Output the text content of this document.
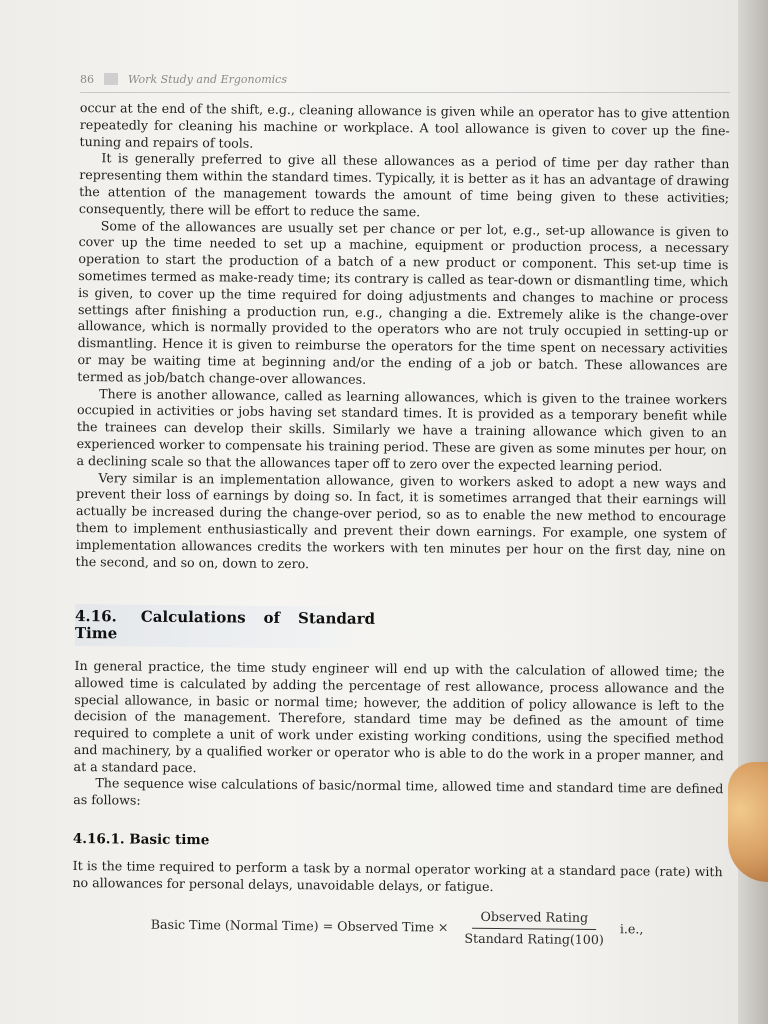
86	Work Study and Ergonomics

occur at the end of the shift, e.g., cleaning allowance is given while an operator has to give attention repeatedly for cleaning his machine or workplace. A tool allowance is given to cover up the fine-tuning and repairs of tools.

It is generally preferred to give all these allowances as a period of time per day rather than representing them within the standard times. Typically, it is better as it has an advantage of drawing the attention of the management towards the amount of time being given to these activities; consequently, there will be effort to reduce the same.

Some of the allowances are usually set per chance or per lot, e.g., set-up allowance is given to cover up the time needed to set up a machine, equipment or production process, a necessary operation to start the production of a batch of a new product or component. This set-up time is sometimes termed as make-ready time; its contrary is called as tear-down or dismantling time, which is given, to cover up the time required for doing adjustments and changes to machine or process settings after finishing a production run, e.g., changing a die. Extremely alike is the change-over allowance, which is normally provided to the operators who are not truly occupied in setting-up or dismantling. Hence it is given to reimburse the operators for the time spent on necessary activities or may be waiting time at beginning and/or the ending of a job or batch. These allowances are termed as job/batch change-over allowances.

There is another allowance, called as learning allowances, which is given to the trainee workers occupied in activities or jobs having set standard times. It is provided as a temporary benefit while the trainees can develop their skills. Similarly we have a training allowance which given to an experienced worker to compensate his training period. These are given as some minutes per hour, on a declining scale so that the allowances taper off to zero over the expected learning period.

Very similar is an implementation allowance, given to workers asked to adopt a new ways and prevent their loss of earnings by doing so. In fact, it is sometimes arranged that their earnings will actually be increased during the change-over period, so as to enable the new method to encourage them to implement enthusiastically and prevent their down earnings. For example, one system of implementation allowances credits the workers with ten minutes per hour on the first day, nine on the second, and so on, down to zero.

4.16. Calculations of Standard Time

In general practice, the time study engineer will end up with the calculation of allowed time; the allowed time is calculated by adding the percentage of rest allowance, process allowance and the special allowance, in basic or normal time; however, the addition of policy allowance is left to the decision of the management. Therefore, standard time may be defined as the amount of time required to complete a unit of work under existing working conditions, using the specified method and machinery, by a qualified worker or operator who is able to do the work in a proper manner, and at a standard pace.

The sequence wise calculations of basic/normal time, allowed time and standard time are defined as follows:

4.16.1. Basic time

It is the time required to perform a task by a normal operator working at a standard pace (rate) with no allowances for personal delays, unavoidable delays, or fatigue.

Basic Time (Normal Time) = Observed Time × $\frac{\text{Observed Rating}}{\text{Standard Rating(100)}} i.e$.,
